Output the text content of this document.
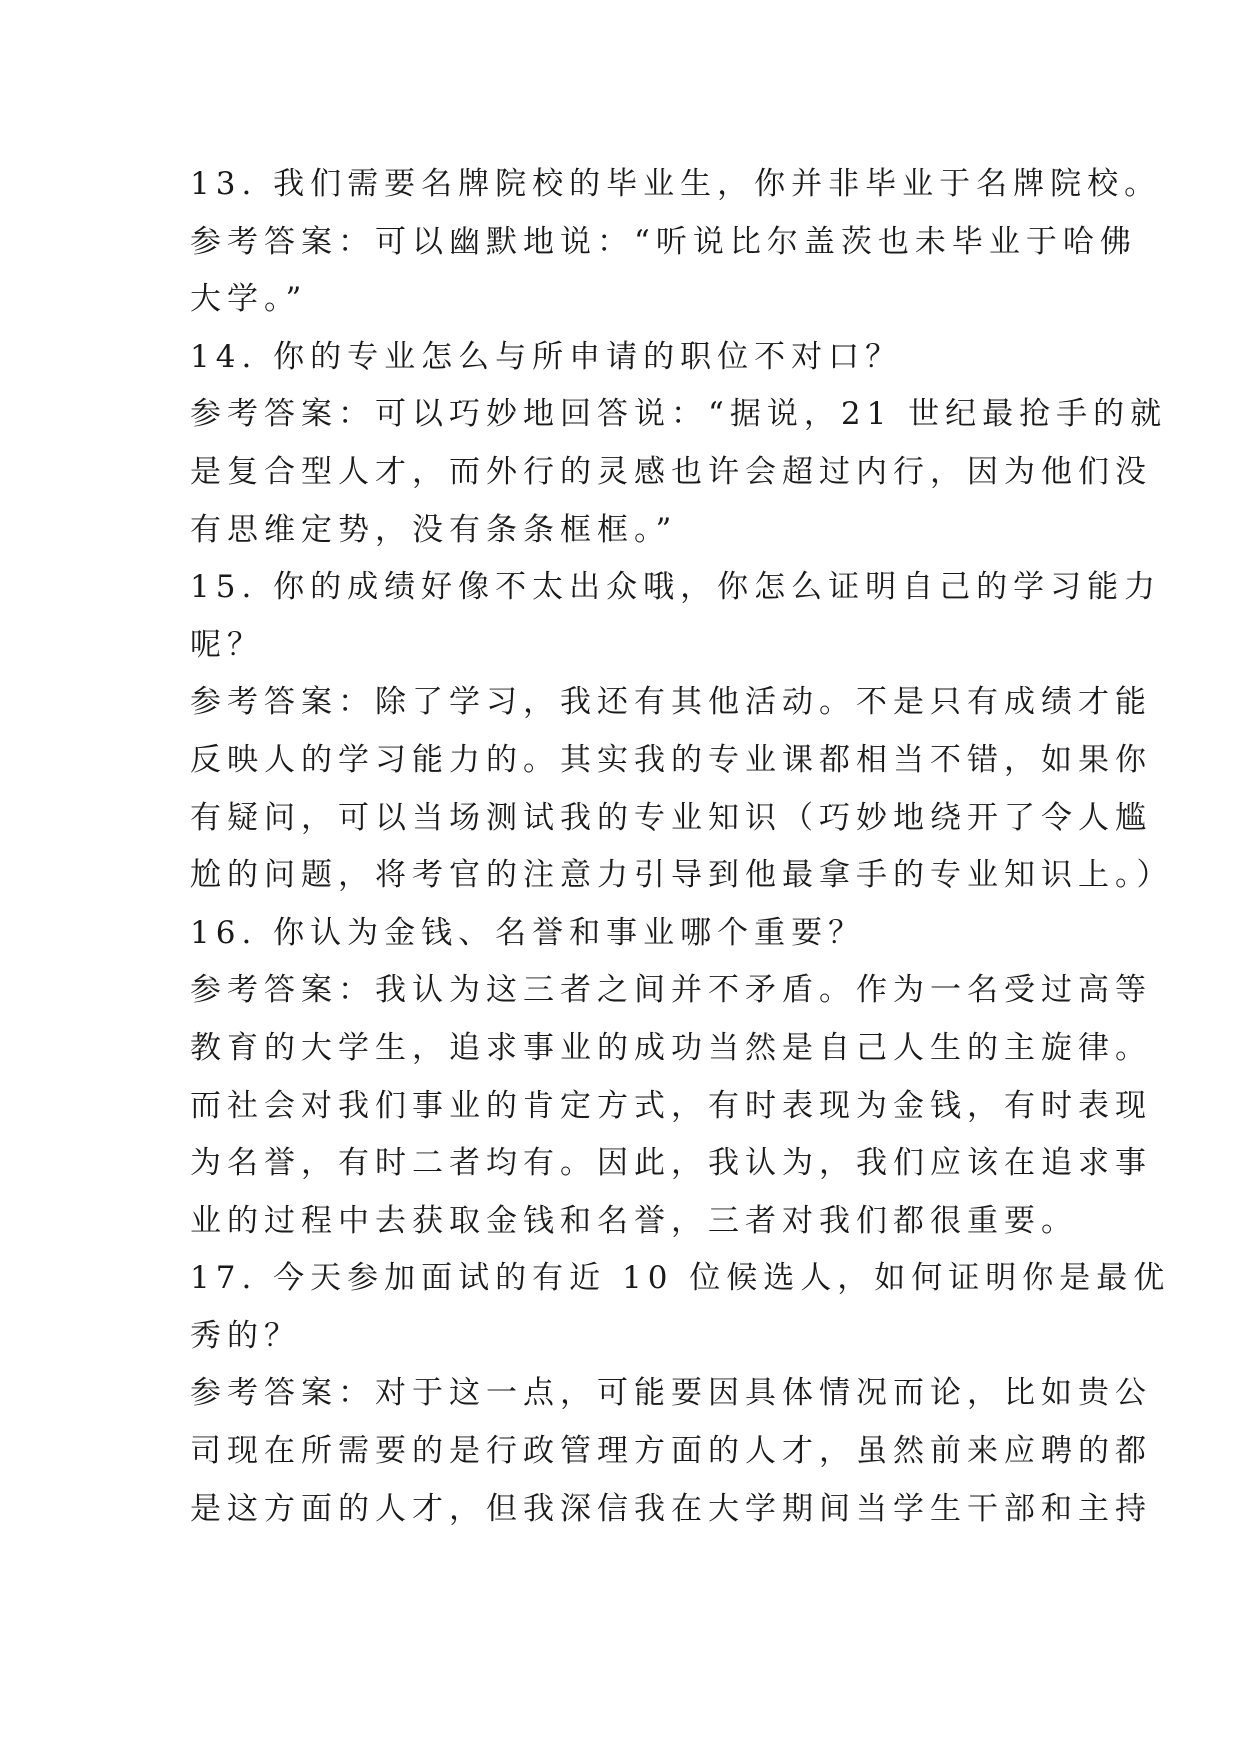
13. 我们需要名牌院校的毕业生，你并非毕业于名牌院校。
参考答案：可以幽默地说：“听说比尔盖茨也未毕业于哈佛
大学。”
14. 你的专业怎么与所申请的职位不对口？
参考答案：可以巧妙地回答说：“据说，21 世纪最抢手的就
是复合型人才，而外行的灵感也许会超过内行，因为他们没
有思维定势，没有条条框框。”
15. 你的成绩好像不太出众哦，你怎么证明自己的学习能力
呢？
参考答案：除了学习，我还有其他活动。不是只有成绩才能
反映人的学习能力的。其实我的专业课都相当不错，如果你
有疑问，可以当场测试我的专业知识（巧妙地绕开了令人尴
尬的问题，将考官的注意力引导到他最拿手的专业知识上。）
16. 你认为金钱、名誉和事业哪个重要？
参考答案：我认为这三者之间并不矛盾。作为一名受过高等
教育的大学生，追求事业的成功当然是自己人生的主旋律。
而社会对我们事业的肯定方式，有时表现为金钱，有时表现
为名誉，有时二者均有。因此，我认为，我们应该在追求事
业的过程中去获取金钱和名誉，三者对我们都很重要。
17. 今天参加面试的有近 10 位候选人，如何证明你是最优
秀的？
参考答案：对于这一点，可能要因具体情况而论，比如贵公
司现在所需要的是行政管理方面的人才，虽然前来应聘的都
是这方面的人才，但我深信我在大学期间当学生干部和主持
